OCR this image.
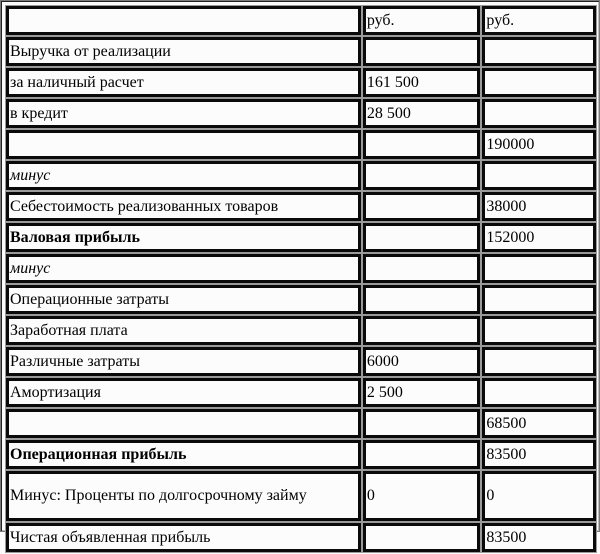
	руб.	руб.
Выручка от реализации		
за наличный расчет	161 500	
в кредит	28 500	
		190000
минус		
Себестоимость реализованных товаров		38000
Валовая прибыль		152000
минус		
Операционные затраты		
Заработная плата		
Различные затраты	6000	
Амортизация	2 500	
		68500
Операционная прибыль		83500
Минус: Проценты по долгосрочному займу	0	0
Чистая объявленная прибыль		83500
